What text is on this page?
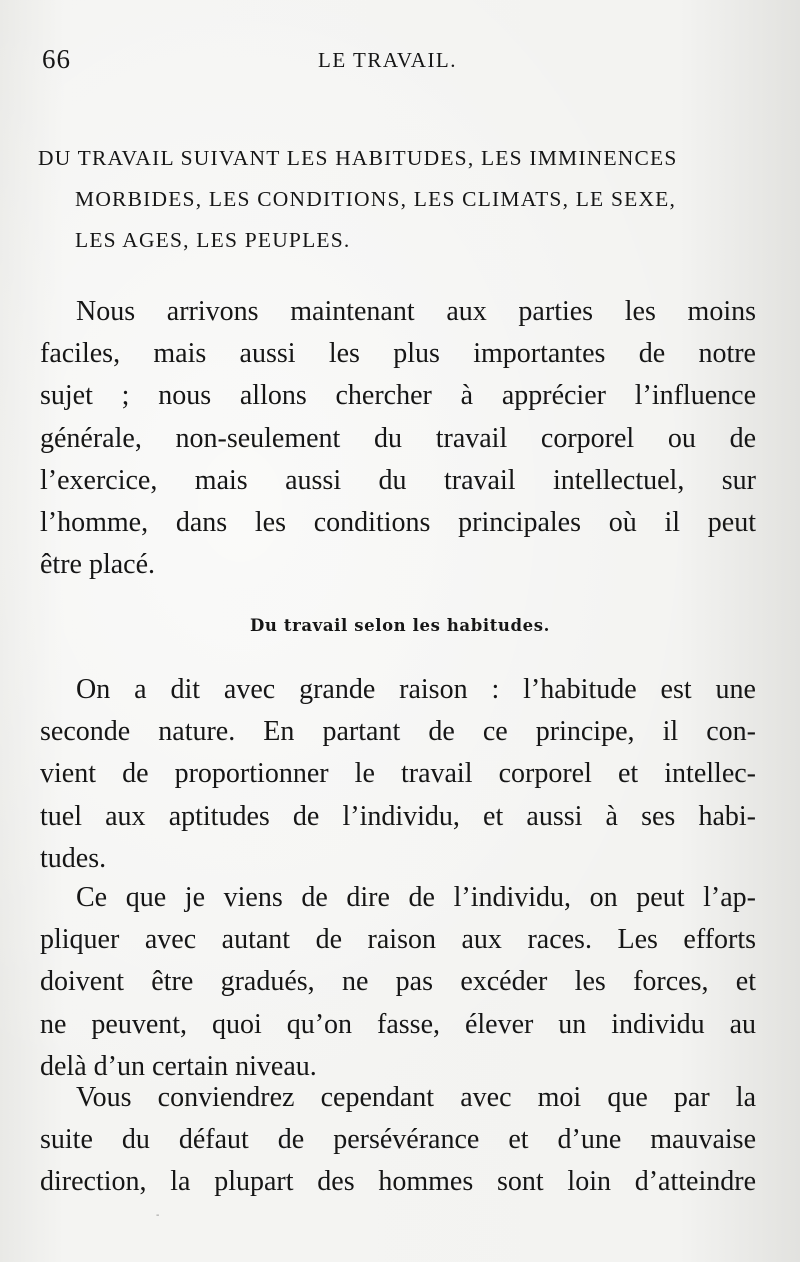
66	LE TRAVAIL.
DU TRAVAIL SUIVANT LES HABITUDES, LES IMMINENCES
MORBIDES, LES CONDITIONS, LES CLIMATS, LE SEXE,
LES AGES, LES PEUPLES.
Nous arrivons maintenant aux parties les moins
faciles, mais aussi les plus importantes de notre
sujet ; nous allons chercher à apprécier l’influence
générale, non-seulement du travail corporel ou de
l’exercice, mais aussi du travail intellectuel, sur
l’homme, dans les conditions principales où il peut
être placé.
Du travail selon les habitudes.
On a dit avec grande raison : l’habitude est une
seconde nature. En partant de ce principe, il con-
vient de proportionner le travail corporel et intellec-
tuel aux aptitudes de l’individu, et aussi à ses habi-
tudes.
Ce que je viens de dire de l’individu, on peut l’ap-
pliquer avec autant de raison aux races. Les efforts
doivent être gradués, ne pas excéder les forces, et
ne peuvent, quoi qu’on fasse, élever un individu au
delà d’un certain niveau.
Vous conviendrez cependant avec moi que par la
suite du défaut de persévérance et d’une mauvaise
direction, la plupart des hommes sont loin d’atteindre
-
